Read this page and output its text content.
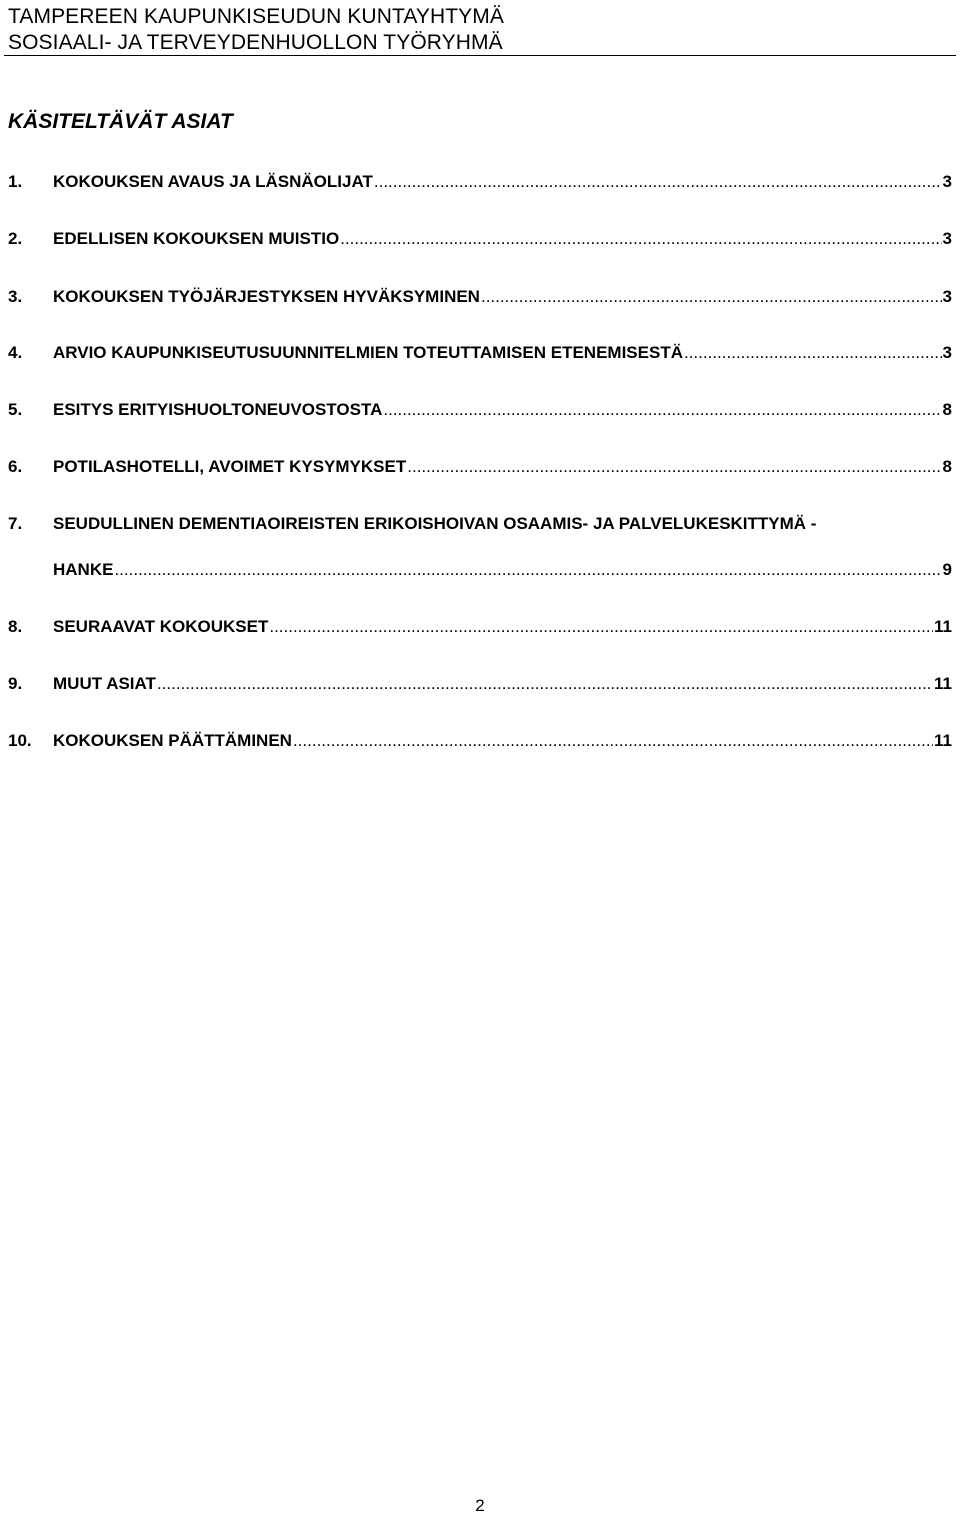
TAMPEREEN KAUPUNKISEUDUN KUNTAYHTYMÄ
SOSIAALI- JA TERVEYDENHUOLLON TYÖRYHMÄ
KÄSITELTÄVÄT ASIAT
1.	KOKOUKSEN AVAUS JA LÄSNÄOLIJAT .....	3
2.	EDELLISEN KOKOUKSEN MUISTIO .....	3
3.	KOKOUKSEN TYÖJÄRJESTYKSEN HYVÄKSYMINEN .....	3
4.	ARVIO KAUPUNKISEUTUSUUNNITELMIEN TOTEUTTAMISEN ETENEMISESTÄ .....	3
5.	ESITYS ERITYISHUOLTONEUVOSTOSTA .....	8
6.	POTILASHOTELLI, AVOIMET KYSYMYKSET .....	8
7.	SEUDULLINEN DEMENTIAOIREISTEN ERIKOISHOIVAN OSAAMIS- JA PALVELUKESKITTYMÄ -
HANKE .....	9
8.	SEURAAVAT KOKOUKSET .....	11
9.	MUUT ASIAT .....	11
10.	KOKOUKSEN PÄÄTTÄMINEN .....	11
2
